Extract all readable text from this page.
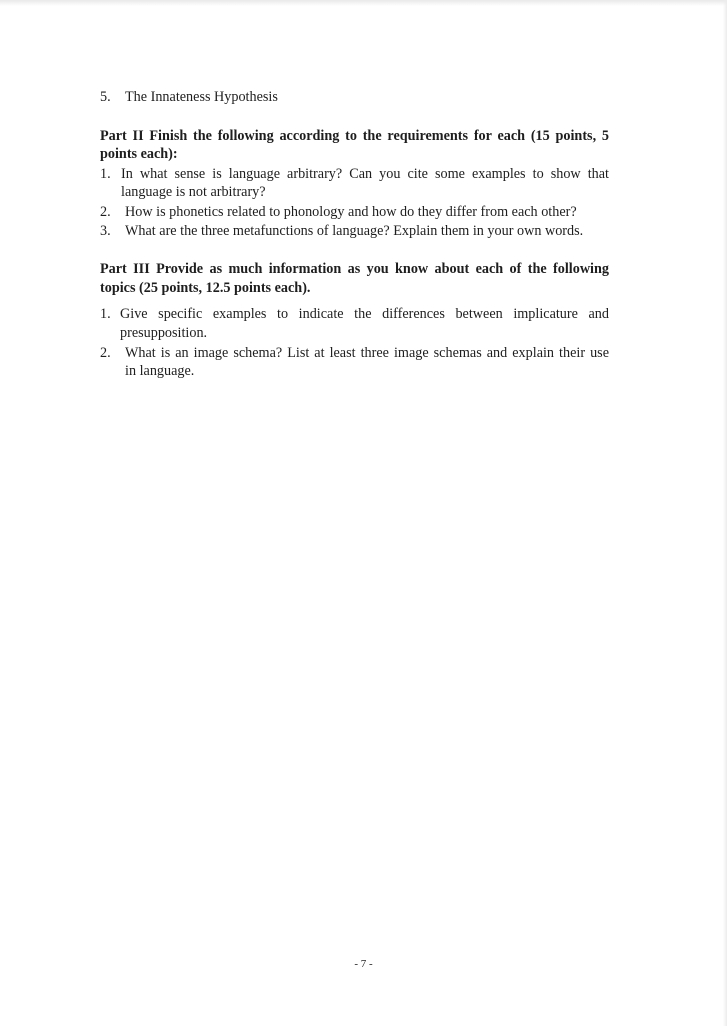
5. The Innateness Hypothesis
Part II Finish the following according to the requirements for each (15 points, 5
points each):
1. In what sense is language arbitrary? Can you cite some examples to show that
language is not arbitrary?
2. How is phonetics related to phonology and how do they differ from each other?
3. What are the three metafunctions of language? Explain them in your own words.
Part III Provide as much information as you know about each of the following
topics (25 points, 12.5 points each).
1. Give specific examples to indicate the differences between implicature and
presupposition.
2. What is an image schema? List at least three image schemas and explain their use
in language.
- 7 -
